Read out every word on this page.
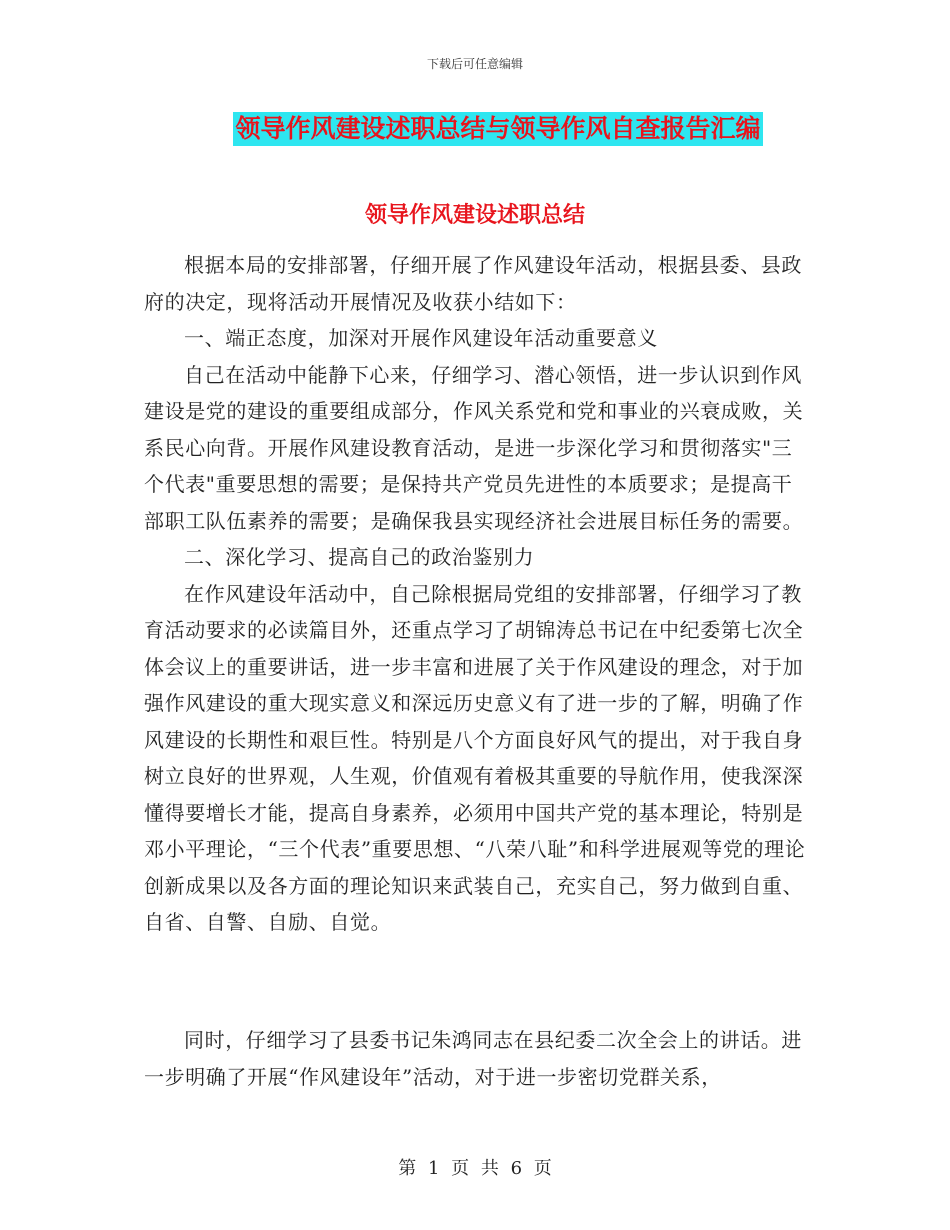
下载后可任意编辑
领导作风建设述职总结与领导作风自查报告汇编
领导作风建设述职总结

根据本局的安排部署，仔细开展了作风建设年活动，根据县委、县政府的决定，现将活动开展情况及收获小结如下：

一、端正态度，加深对开展作风建设年活动重要意义

自己在活动中能静下心来，仔细学习、潜心领悟，进一步认识到作风建设是党的建设的重要组成部分，作风关系党和党和事业的兴衰成败，关系民心向背。开展作风建设教育活动，是进一步深化学习和贯彻落实"三个代表"重要思想的需要；是保持共产党员先进性的本质要求；是提高干部职工队伍素养的需要；是确保我县实现经济社会进展目标任务的需要。

二、深化学习、提高自己的政治鉴别力

在作风建设年活动中，自己除根据局党组的安排部署，仔细学习了教育活动要求的必读篇目外，还重点学习了胡锦涛总书记在中纪委第七次全体会议上的重要讲话，进一步丰富和进展了关于作风建设的理念，对于加强作风建设的重大现实意义和深远历史意义有了进一步的了解，明确了作风建设的长期性和艰巨性。特别是八个方面良好风气的提出，对于我自身树立良好的世界观，人生观，价值观有着极其重要的导航作用，使我深深懂得要增长才能，提高自身素养，必须用中国共产党的基本理论，特别是邓小平理论，“三个代表”重要思想、“八荣八耻”和科学进展观等党的理论创新成果以及各方面的理论知识来武装自己，充实自己，努力做到自重、自省、自警、自励、自觉。

同时，仔细学习了县委书记朱鸿同志在县纪委二次全会上的讲话。进一步明确了开展“作风建设年”活动，对于进一步密切党群关系，

第 1 页 共 6 页
